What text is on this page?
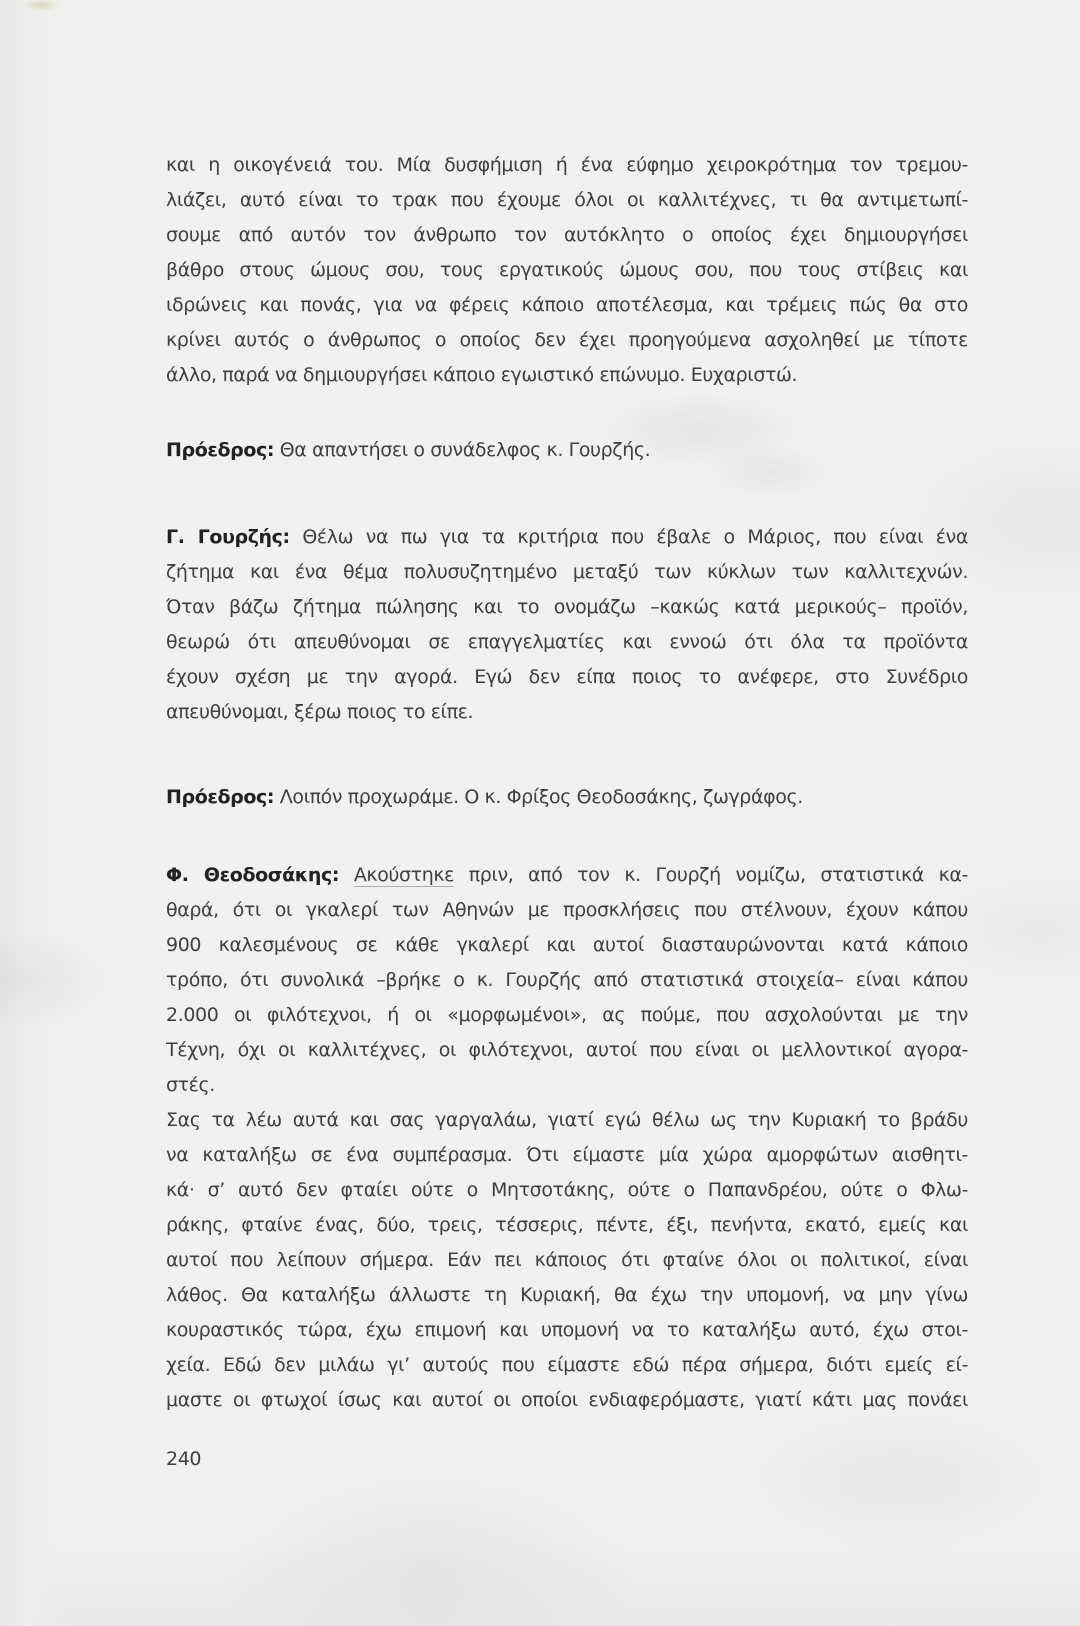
και η οικογένειά του. Μία δυσφήμιση ή ένα εύφημο χειροκρότημα τον τρεμου-
λιάζει, αυτό είναι το τρακ που έχουμε όλοι οι καλλιτέχνες, τι θα αντιμετωπί-
σουμε από αυτόν τον άνθρωπο τον αυτόκλητο ο οποίος έχει δημιουργήσει
βάθρο στους ώμους σου, τους εργατικούς ώμους σου, που τους στίβεις και
ιδρώνεις και πονάς, για να φέρεις κάποιο αποτέλεσμα, και τρέμεις πώς θα στο
κρίνει αυτός ο άνθρωπος ο οποίος δεν έχει προηγούμενα ασχοληθεί με τίποτε
άλλο, παρά να δημιουργήσει κάποιο εγωιστικό επώνυμο. Ευχαριστώ.
Πρόεδρος: Θα απαντήσει ο συνάδελφος κ. Γουρζής.
Γ. Γουρζής: Θέλω να πω για τα κριτήρια που έβαλε ο Μάριος, που είναι ένα
ζήτημα και ένα θέμα πολυσυζητημένο μεταξύ των κύκλων των καλλιτεχνών.
Όταν βάζω ζήτημα πώλησης και το ονομάζω –κακώς κατά μερικούς– προϊόν,
θεωρώ ότι απευθύνομαι σε επαγγελματίες και εννοώ ότι όλα τα προϊόντα
έχουν σχέση με την αγορά. Εγώ δεν είπα ποιος το ανέφερε, στο Συνέδριο
απευθύνομαι, ξέρω ποιος το είπε.
Πρόεδρος: Λοιπόν προχωράμε. Ο κ. Φρίξος Θεοδοσάκης, ζωγράφος.
Φ. Θεοδοσάκης: Ακούστηκε πριν, από τον κ. Γουρζή νομίζω, στατιστικά κα-
θαρά, ότι οι γκαλερί των Αθηνών με προσκλήσεις που στέλνουν, έχουν κάπου
900 καλεσμένους σε κάθε γκαλερί και αυτοί διασταυρώνονται κατά κάποιο
τρόπο, ότι συνολικά –βρήκε ο κ. Γουρζής από στατιστικά στοιχεία– είναι κάπου
2.000 οι φιλότεχνοι, ή οι «μορφωμένοι», ας πούμε, που ασχολούνται με την
Τέχνη, όχι οι καλλιτέχνες, οι φιλότεχνοι, αυτοί που είναι οι μελλοντικοί αγορα-
στές.
Σας τα λέω αυτά και σας γαργαλάω, γιατί εγώ θέλω ως την Κυριακή το βράδυ
να καταλήξω σε ένα συμπέρασμα. Ότι είμαστε μία χώρα αμορφώτων αισθητι-
κά· σ’ αυτό δεν φταίει ούτε ο Μητσοτάκης, ούτε ο Παπανδρέου, ούτε ο Φλω-
ράκης, φταίνε ένας, δύο, τρεις, τέσσερις, πέντε, έξι, πενήντα, εκατό, εμείς και
αυτοί που λείπουν σήμερα. Εάν πει κάποιος ότι φταίνε όλοι οι πολιτικοί, είναι
λάθος. Θα καταλήξω άλλωστε τη Κυριακή, θα έχω την υπομονή, να μην γίνω
κουραστικός τώρα, έχω επιμονή και υπομονή να το καταλήξω αυτό, έχω στοι-
χεία. Εδώ δεν μιλάω γι’ αυτούς που είμαστε εδώ πέρα σήμερα, διότι εμείς εί-
μαστε οι φτωχοί ίσως και αυτοί οι οποίοι ενδιαφερόμαστε, γιατί κάτι μας πονάει
240
